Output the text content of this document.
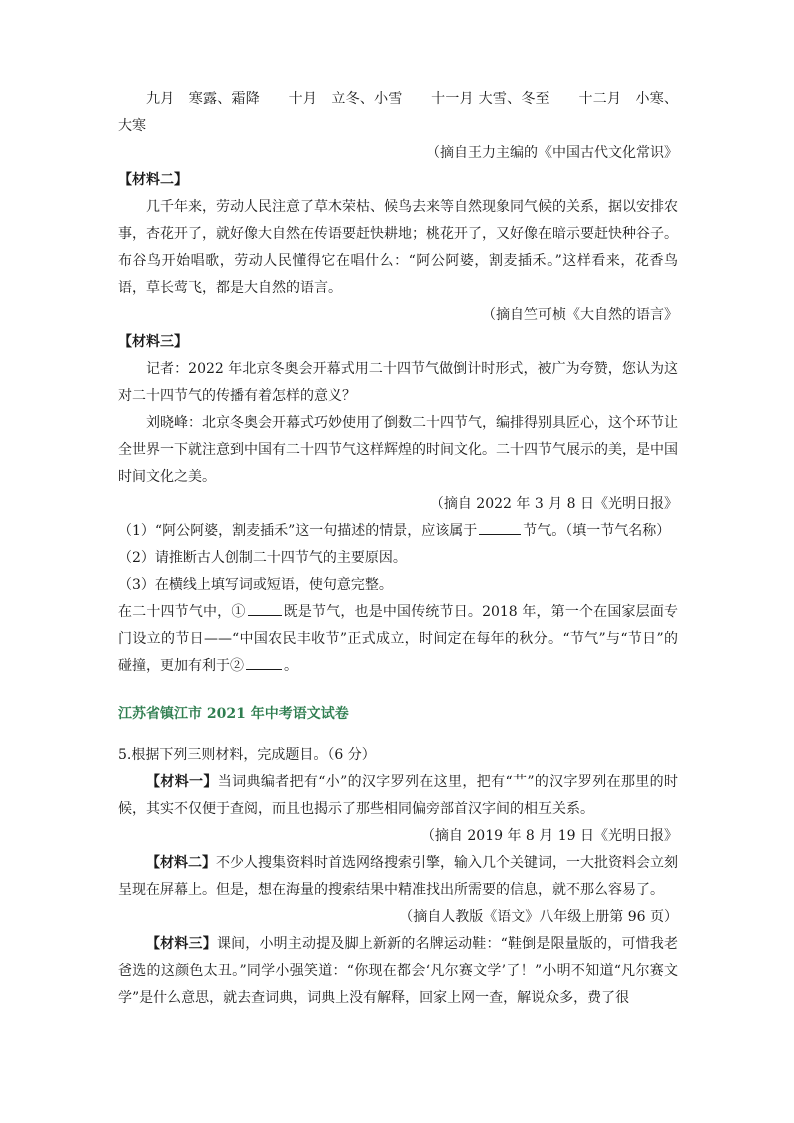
九月　寒露、霜降　　十月　立冬、小雪　　十一月 大雪、冬至　　十二月　小寒、大寒

（摘自王力主编的《中国古代文化常识》

【材料二】

几千年来，劳动人民注意了草木荣枯、候鸟去来等自然现象同气候的关系，据以安排农事，杏花开了，就好像大自然在传语要赶快耕地；桃花开了，又好像在暗示要赶快种谷子。布谷鸟开始唱歌，劳动人民懂得它在唱什么：“阿公阿婆，割麦插禾。”这样看来，花香鸟语，草长莺飞，都是大自然的语言。

（摘自竺可桢《大自然的语言》

【材料三】

记者：2022 年北京冬奥会开幕式用二十四节气做倒计时形式，被广为夸赞，您认为这对二十四节气的传播有着怎样的意义？

刘晓峰：北京冬奥会开幕式巧妙使用了倒数二十四节气，编排得别具匠心，这个环节让全世界一下就注意到中国有二十四节气这样辉煌的时间文化。二十四节气展示的美，是中国时间文化之美。

（摘自 2022 年 3 月 8 日《光明日报》

（1）“阿公阿婆，割麦插禾”这一句描述的情景，应该属于	节气。（填一节气名称）

（2）请推断古人创制二十四节气的主要原因。

（3）在横线上填写词或短语，使句意完整。

在二十四节气中，①	既是节气，也是中国传统节日。2018 年，第一个在国家层面专门设立的节日——“中国农民丰收节”正式成立，时间定在每年的秋分。“节气”与“节日”的碰撞，更加有利于②	。

江苏省镇江市 2021 年中考语文试卷

5.根据下列三则材料，完成题目。（6 分）

【材料一】当词典编者把有“小”的汉字罗列在这里，把有“艹”的汉字罗列在那里的时候，其实不仅便于查阅，而且也揭示了那些相同偏旁部首汉字间的相互关系。

（摘自 2019 年 8 月 19 日《光明日报》

【材料二】不少人搜集资料时首选网络搜索引擎，输入几个关键词，一大批资料会立刻呈现在屏幕上。但是，想在海量的搜索结果中精准找出所需要的信息，就不那么容易了。

（摘自人教版《语文》八年级上册第 96 页）

【材料三】课间，小明主动提及脚上新新的名牌运动鞋：“鞋倒是限量版的，可惜我老爸选的这颜色太丑。”同学小强笑道：“你现在都会‘凡尔赛文学’了！”小明不知道“凡尔赛文学”是什么意思，就去查词典，词典上没有解释，回家上网一查，解说众多，费了很
